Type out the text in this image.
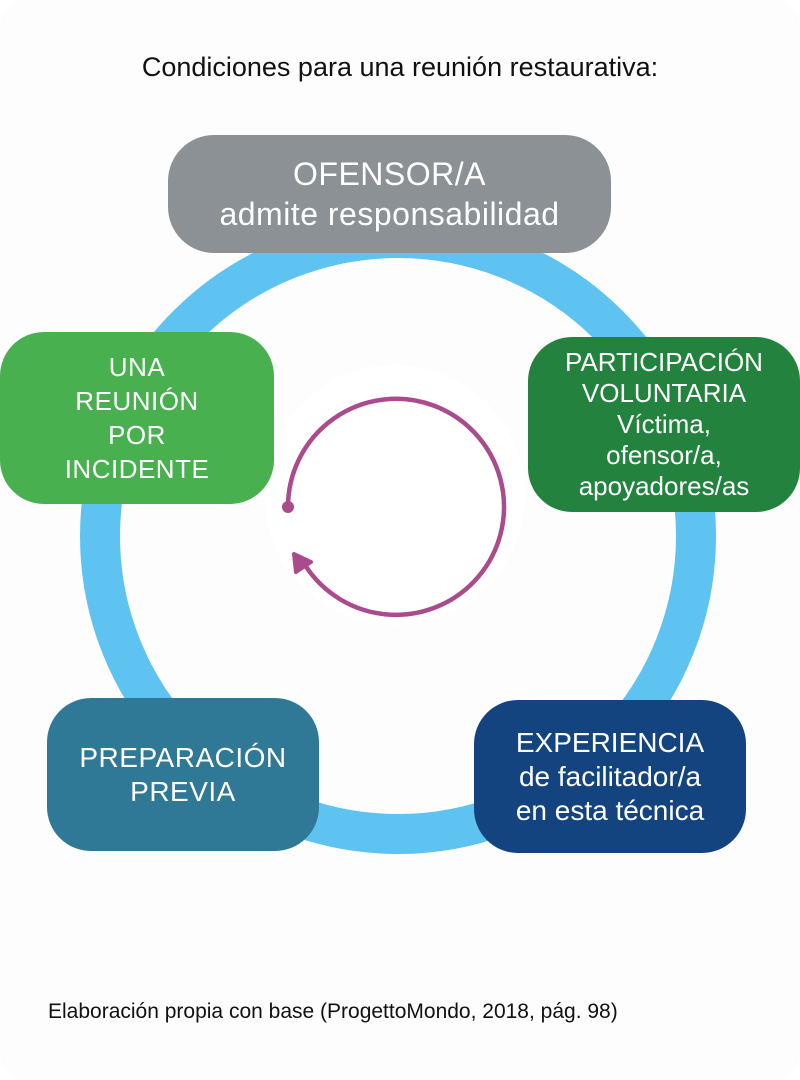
Condiciones para una reunión restaurativa:
OFENSOR/A
admite responsabilidad
PARTICIPACIÓN
VOLUNTARIA
Víctima,
ofensor/a,
apoyadores/as
UNA
REUNIÓN
POR
INCIDENTE
EXPERIENCIA
de facilitador/a
en esta técnica
PREPARACIÓN
PREVIA
Elaboración propia con base (ProgettoMondo, 2018, pág. 98)
